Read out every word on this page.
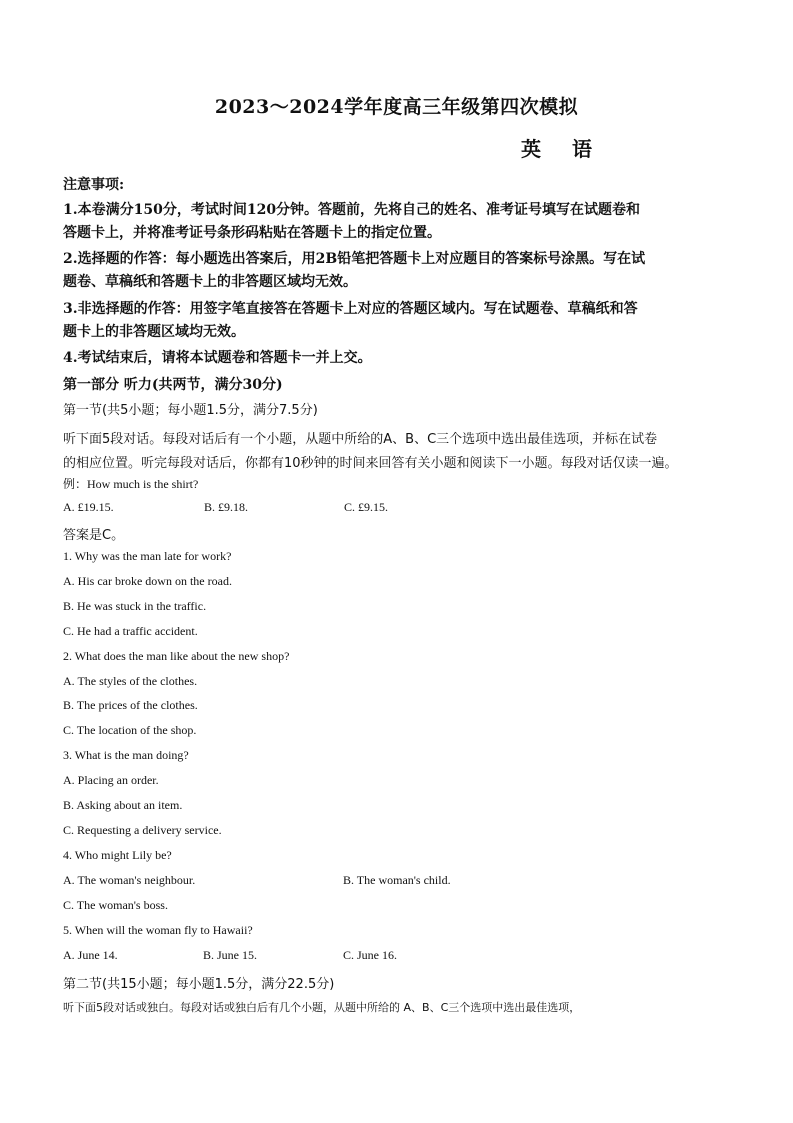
2023～2024学年度高三年级第四次模拟
英 语
注意事项:
1.本卷满分150分，考试时间120分钟。答题前，先将自己的姓名、准考证号填写在试题卷和
答题卡上，并将准考证号条形码粘贴在答题卡上的指定位置。
2.选择题的作答：每小题选出答案后，用2B铅笔把答题卡上对应题目的答案标号涂黑。写在试
题卷、草稿纸和答题卡上的非答题区域均无效。
3.非选择题的作答：用签字笔直接答在答题卡上对应的答题区域内。写在试题卷、草稿纸和答
题卡上的非答题区域均无效。
4.考试结束后，请将本试题卷和答题卡一并上交。
第一部分 听力(共两节，满分30分)
第一节(共5小题；每小题1.5分，满分7.5分)
听下面5段对话。每段对话后有一个小题，从题中所给的A、B、C三个选项中选出最佳选项，并标在试卷
的相应位置。听完每段对话后，你都有10秒钟的时间来回答有关小题和阅读下一小题。每段对话仅读一遍。
例：How much is the shirt?
A. £19.15.	B. £9.18.	C. £9.15.
答案是C。
1. Why was the man late for work?
A. His car broke down on the road.
B. He was stuck in the traffic.
C. He had a traffic accident.
2. What does the man like about the new shop?
A. The styles of the clothes.
B. The prices of the clothes.
C. The location of the shop.
3. What is the man doing?
A. Placing an order.
B. Asking about an item.
C. Requesting a delivery service.
4. Who might Lily be?
A. The woman's neighbour.	B. The woman's child.
C. The woman's boss.
5. When will the woman fly to Hawaii?
A. June 14.	B. June 15.	C. June 16.
第二节(共15小题；每小题1.5分，满分22.5分)
听下面5段对话或独白。每段对话或独白后有几个小题，从题中所给的 A、B、C三个选项中选出最佳选项，
